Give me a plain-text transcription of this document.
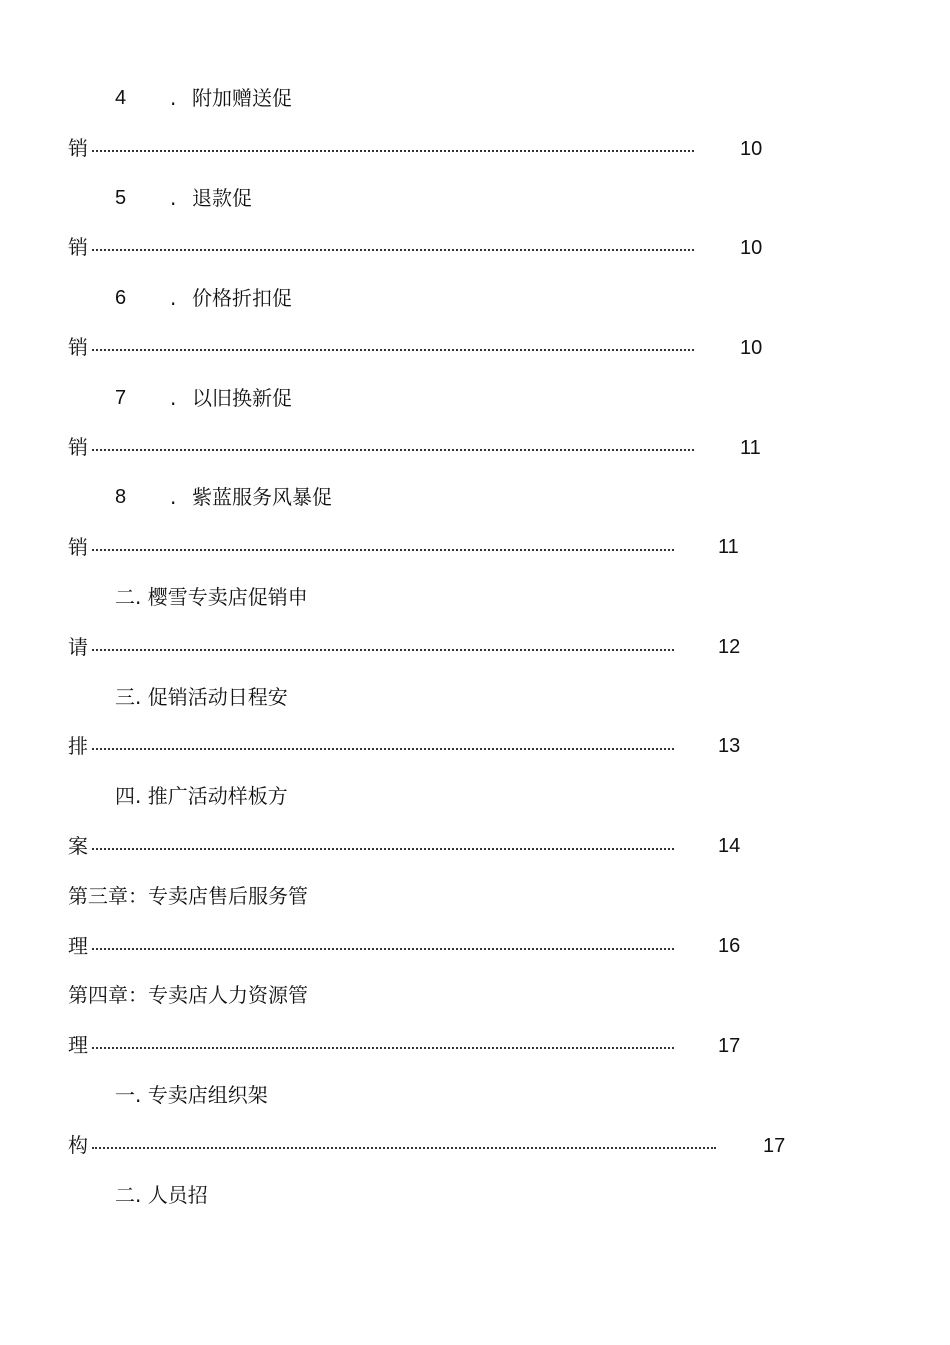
4 . 附加赠送促
销	10
5 . 退款促
销	10
6 . 价格折扣促
销	10
7 . 以旧换新促
销	11
8 . 紫蓝服务风暴促
销	11
二. 樱雪专卖店促销申
请	12
三. 促销活动日程安
排	13
四. 推广活动样板方
案	14
第三章：专卖店售后服务管
理	16
第四章：专卖店人力资源管
理	17
一. 专卖店组织架
构	17
二. 人员招
